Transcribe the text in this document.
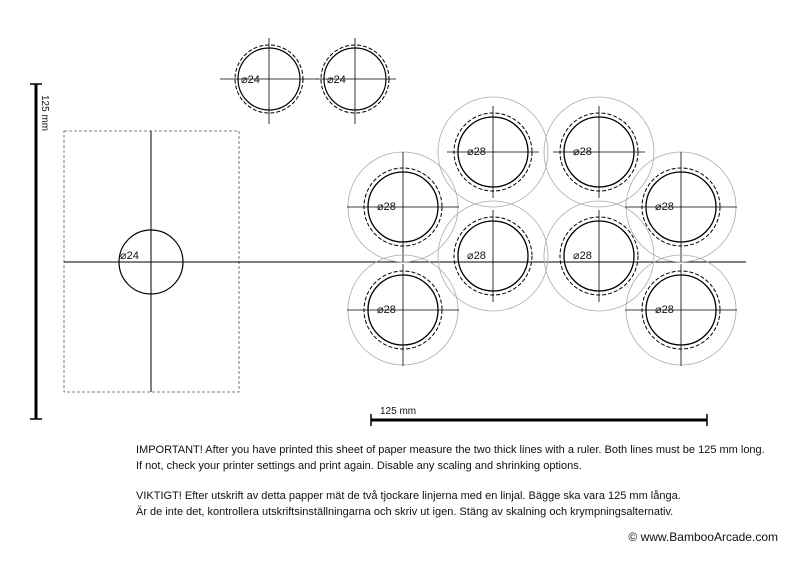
125 mm
125 mm
⌀24	⌀24
⌀24
⌀28	⌀28
⌀28	⌀28
⌀28	⌀28
⌀28	⌀28

IMPORTANT! After you have printed this sheet of paper measure the two thick lines with a ruler. Both lines must be 125 mm long.

If not, check your printer settings and print again. Disable any scaling and shrinking options.

VIKTIGT! Efter utskrift av detta papper mät de två tjockare linjerna med en linjal. Bägge ska vara 125 mm långa.

Är de inte det, kontrollera utskriftsinställningarna och skriv ut igen. Stäng av skalning och krympningsalternativ.

© www.BambooArcade.com
